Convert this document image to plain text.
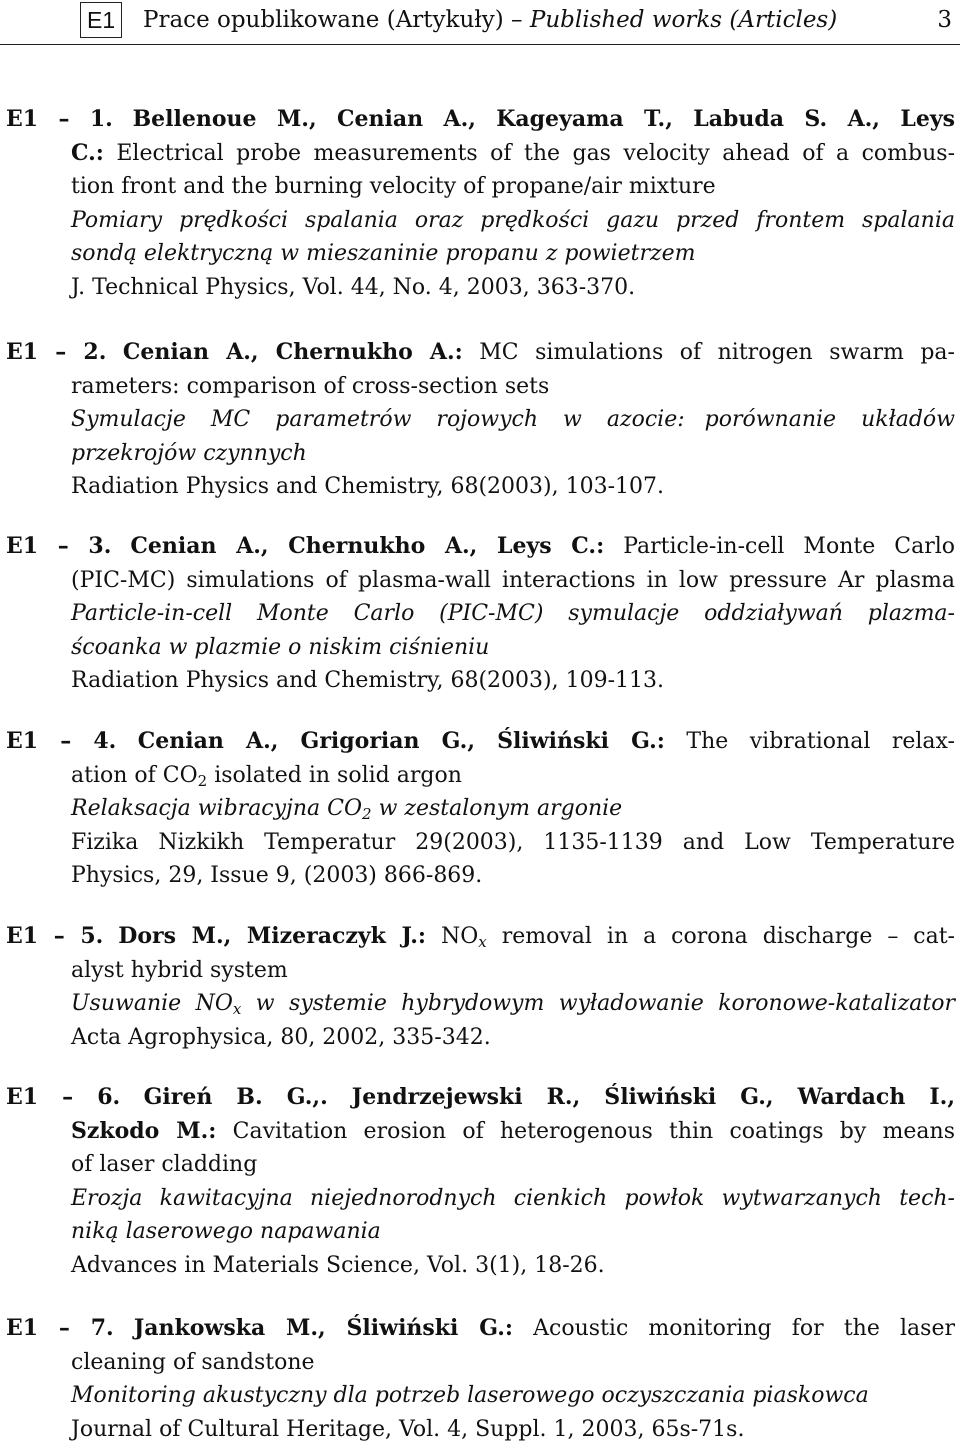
E1	Prace opublikowane (Artykuły) – Published works (Articles)	3
E1 – 1. Bellenoue M., Cenian A., Kageyama T., Labuda S. A., Leys
C.: Electrical probe measurements of the gas velocity ahead of a combus-
tion front and the burning velocity of propane/air mixture
Pomiary prędkości spalania oraz prędkości gazu przed frontem spalania
sondą elektryczną w mieszaninie propanu z powietrzem
J. Technical Physics, Vol. 44, No. 4, 2003, 363-370.
E1 – 2. Cenian A., Chernukho A.: MC simulations of nitrogen swarm pa-
rameters: comparison of cross-section sets
Symulacje MC parametrów rojowych w azocie: porównanie układów
przekrojów czynnych
Radiation Physics and Chemistry, 68(2003), 103-107.
E1 – 3. Cenian A., Chernukho A., Leys C.: Particle-in-cell Monte Carlo
(PIC-MC) simulations of plasma-wall interactions in low pressure Ar plasma
Particle-in-cell Monte Carlo (PIC-MC) symulacje oddziaływań plazma-
ścoanka w plazmie o niskim ciśnieniu
Radiation Physics and Chemistry, 68(2003), 109-113.
E1 – 4. Cenian A., Grigorian G., Śliwiński G.: The vibrational relax-
ation of $CO_2$ isolated in solid argon
Relaksacja wibracyjna $CO_2$ w zestalonym argonie
Fizika Nizkikh Temperatur 29(2003), 1135-1139 and Low Temperature
Physics, 29, Issue 9, (2003) 866-869.
E1 – 5. Dors M., Mizeraczyk J.: $NO_x$ removal in a corona discharge – cat-
alyst hybrid system
Usuwanie $NO_x$ w systemie hybrydowym wyładowanie koronowe-katalizator
Acta Agrophysica, 80, 2002, 335-342.
E1 – 6. Gireń B. G.,. Jendrzejewski R., Śliwiński G., Wardach I.,
Szkodo M.: Cavitation erosion of heterogenous thin coatings by means
of laser cladding
Erozja kawitacyjna niejednorodnych cienkich powłok wytwarzanych tech-
niką laserowego napawania
Advances in Materials Science, Vol. 3(1), 18-26.
E1 – 7. Jankowska M., Śliwiński G.: Acoustic monitoring for the laser
cleaning of sandstone
Monitoring akustyczny dla potrzeb laserowego oczyszczania piaskowca
Journal of Cultural Heritage, Vol. 4, Suppl. 1, 2003, 65s-71s.
